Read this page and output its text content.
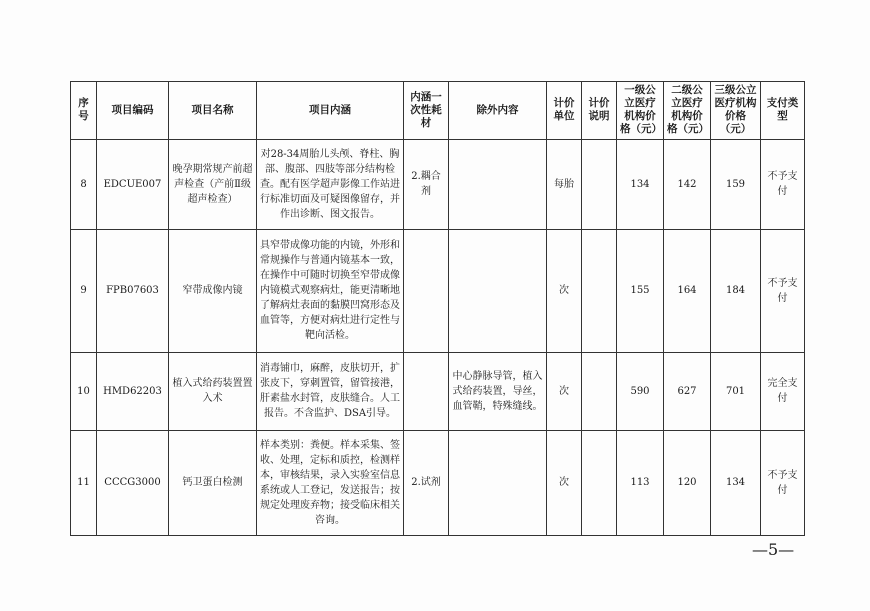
序号	项目编码	项目名称	项目内涵	内涵一次性耗材	除外内容	计价单位	计价说明	一级公立医疗机构价格（元）	二级公立医疗机构价格（元）	三级公立医疗机构价格（元）	支付类型
8	EDCUE007	晚孕期常规产前超声检查（产前Ⅱ级超声检查）	对28-34周胎儿头颅、脊柱、胸部、腹部、四肢等部分结构检查。配有医学超声影像工作站进行标准切面及可疑图像留存，并作出诊断、图文报告。	2.耦合剂		每胎		134	142	159	不予支付
9	FPB07603	窄带成像内镜	具窄带成像功能的内镜，外形和常规操作与普通内镜基本一致，在操作中可随时切换至窄带成像内镜模式观察病灶，能更清晰地了解病灶表面的黏膜凹窝形态及血管等，方便对病灶进行定性与靶向活检。			次		155	164	184	不予支付
10	HMD62203	植入式给药装置置入术	消毒铺巾，麻醉，皮肤切开，扩张皮下，穿刺置管，留管接港，肝素盐水封管，皮肤缝合。人工报告。不含监护、DSA引导。		中心静脉导管，植入式给药装置，导丝，血管鞘，特殊缝线。	次		590	627	701	完全支付
11	CCCG3000	钙卫蛋白检测	样本类别：粪便。样本采集、签收、处理，定标和质控，检测样本，审核结果，录入实验室信息系统或人工登记，发送报告；按规定处理废弃物；接受临床相关咨询。	2.试剂		次		113	120	134	不予支付
—5—
